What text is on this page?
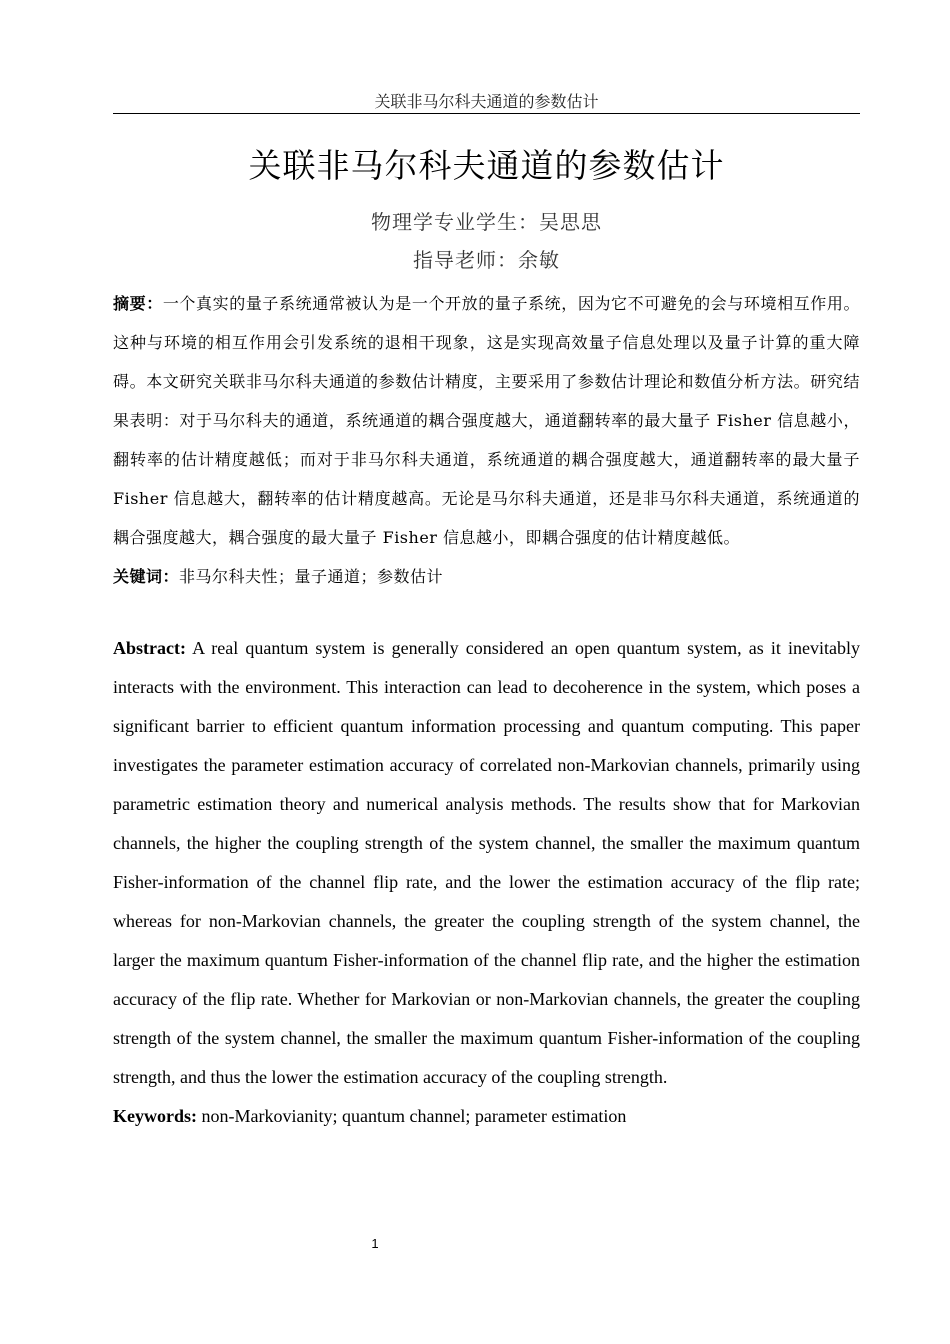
关联非马尔科夫通道的参数估计
关联非马尔科夫通道的参数估计
物理学专业学生：吴思思
指导老师：余敏

摘要：一个真实的量子系统通常被认为是一个开放的量子系统，因为它不可避免的会与环境相互作用。这种与环境的相互作用会引发系统的退相干现象，这是实现高效量子信息处理以及量子计算的重大障碍。本文研究关联非马尔科夫通道的参数估计精度，主要采用了参数估计理论和数值分析方法。研究结果表明：对于马尔科夫的通道，系统通道的耦合强度越大，通道翻转率的最大量子 Fisher 信息越小，翻转率的估计精度越低；而对于非马尔科夫通道，系统通道的耦合强度越大，通道翻转率的最大量子 Fisher 信息越大，翻转率的估计精度越高。无论是马尔科夫通道，还是非马尔科夫通道，系统通道的耦合强度越大，耦合强度的最大量子 Fisher 信息越小，即耦合强度的估计精度越低。

关键词：非马尔科夫性；量子通道；参数估计

Abstract: A real quantum system is generally considered an open quantum system, as it inevitably interacts with the environment. This interaction can lead to decoherence in the system, which poses a significant barrier to efficient quantum information processing and quantum computing. This paper investigates the parameter estimation accuracy of correlated non-Markovian channels, primarily using parametric estimation theory and numerical analysis methods. The results show that for Markovian channels, the higher the coupling strength of the system channel, the smaller the maximum quantum Fisher-information of the channel flip rate, and the lower the estimation accuracy of the flip rate; whereas for non-Markovian channels, the greater the coupling strength of the system channel, the larger the maximum quantum Fisher-information of the channel flip rate, and the higher the estimation accuracy of the flip rate. Whether for Markovian or non-Markovian channels, the greater the coupling strength of the system channel, the smaller the maximum quantum Fisher-information of the coupling strength, and thus the lower the estimation accuracy of the coupling strength.

Keywords: non-Markovianity; quantum channel; parameter estimation

1
